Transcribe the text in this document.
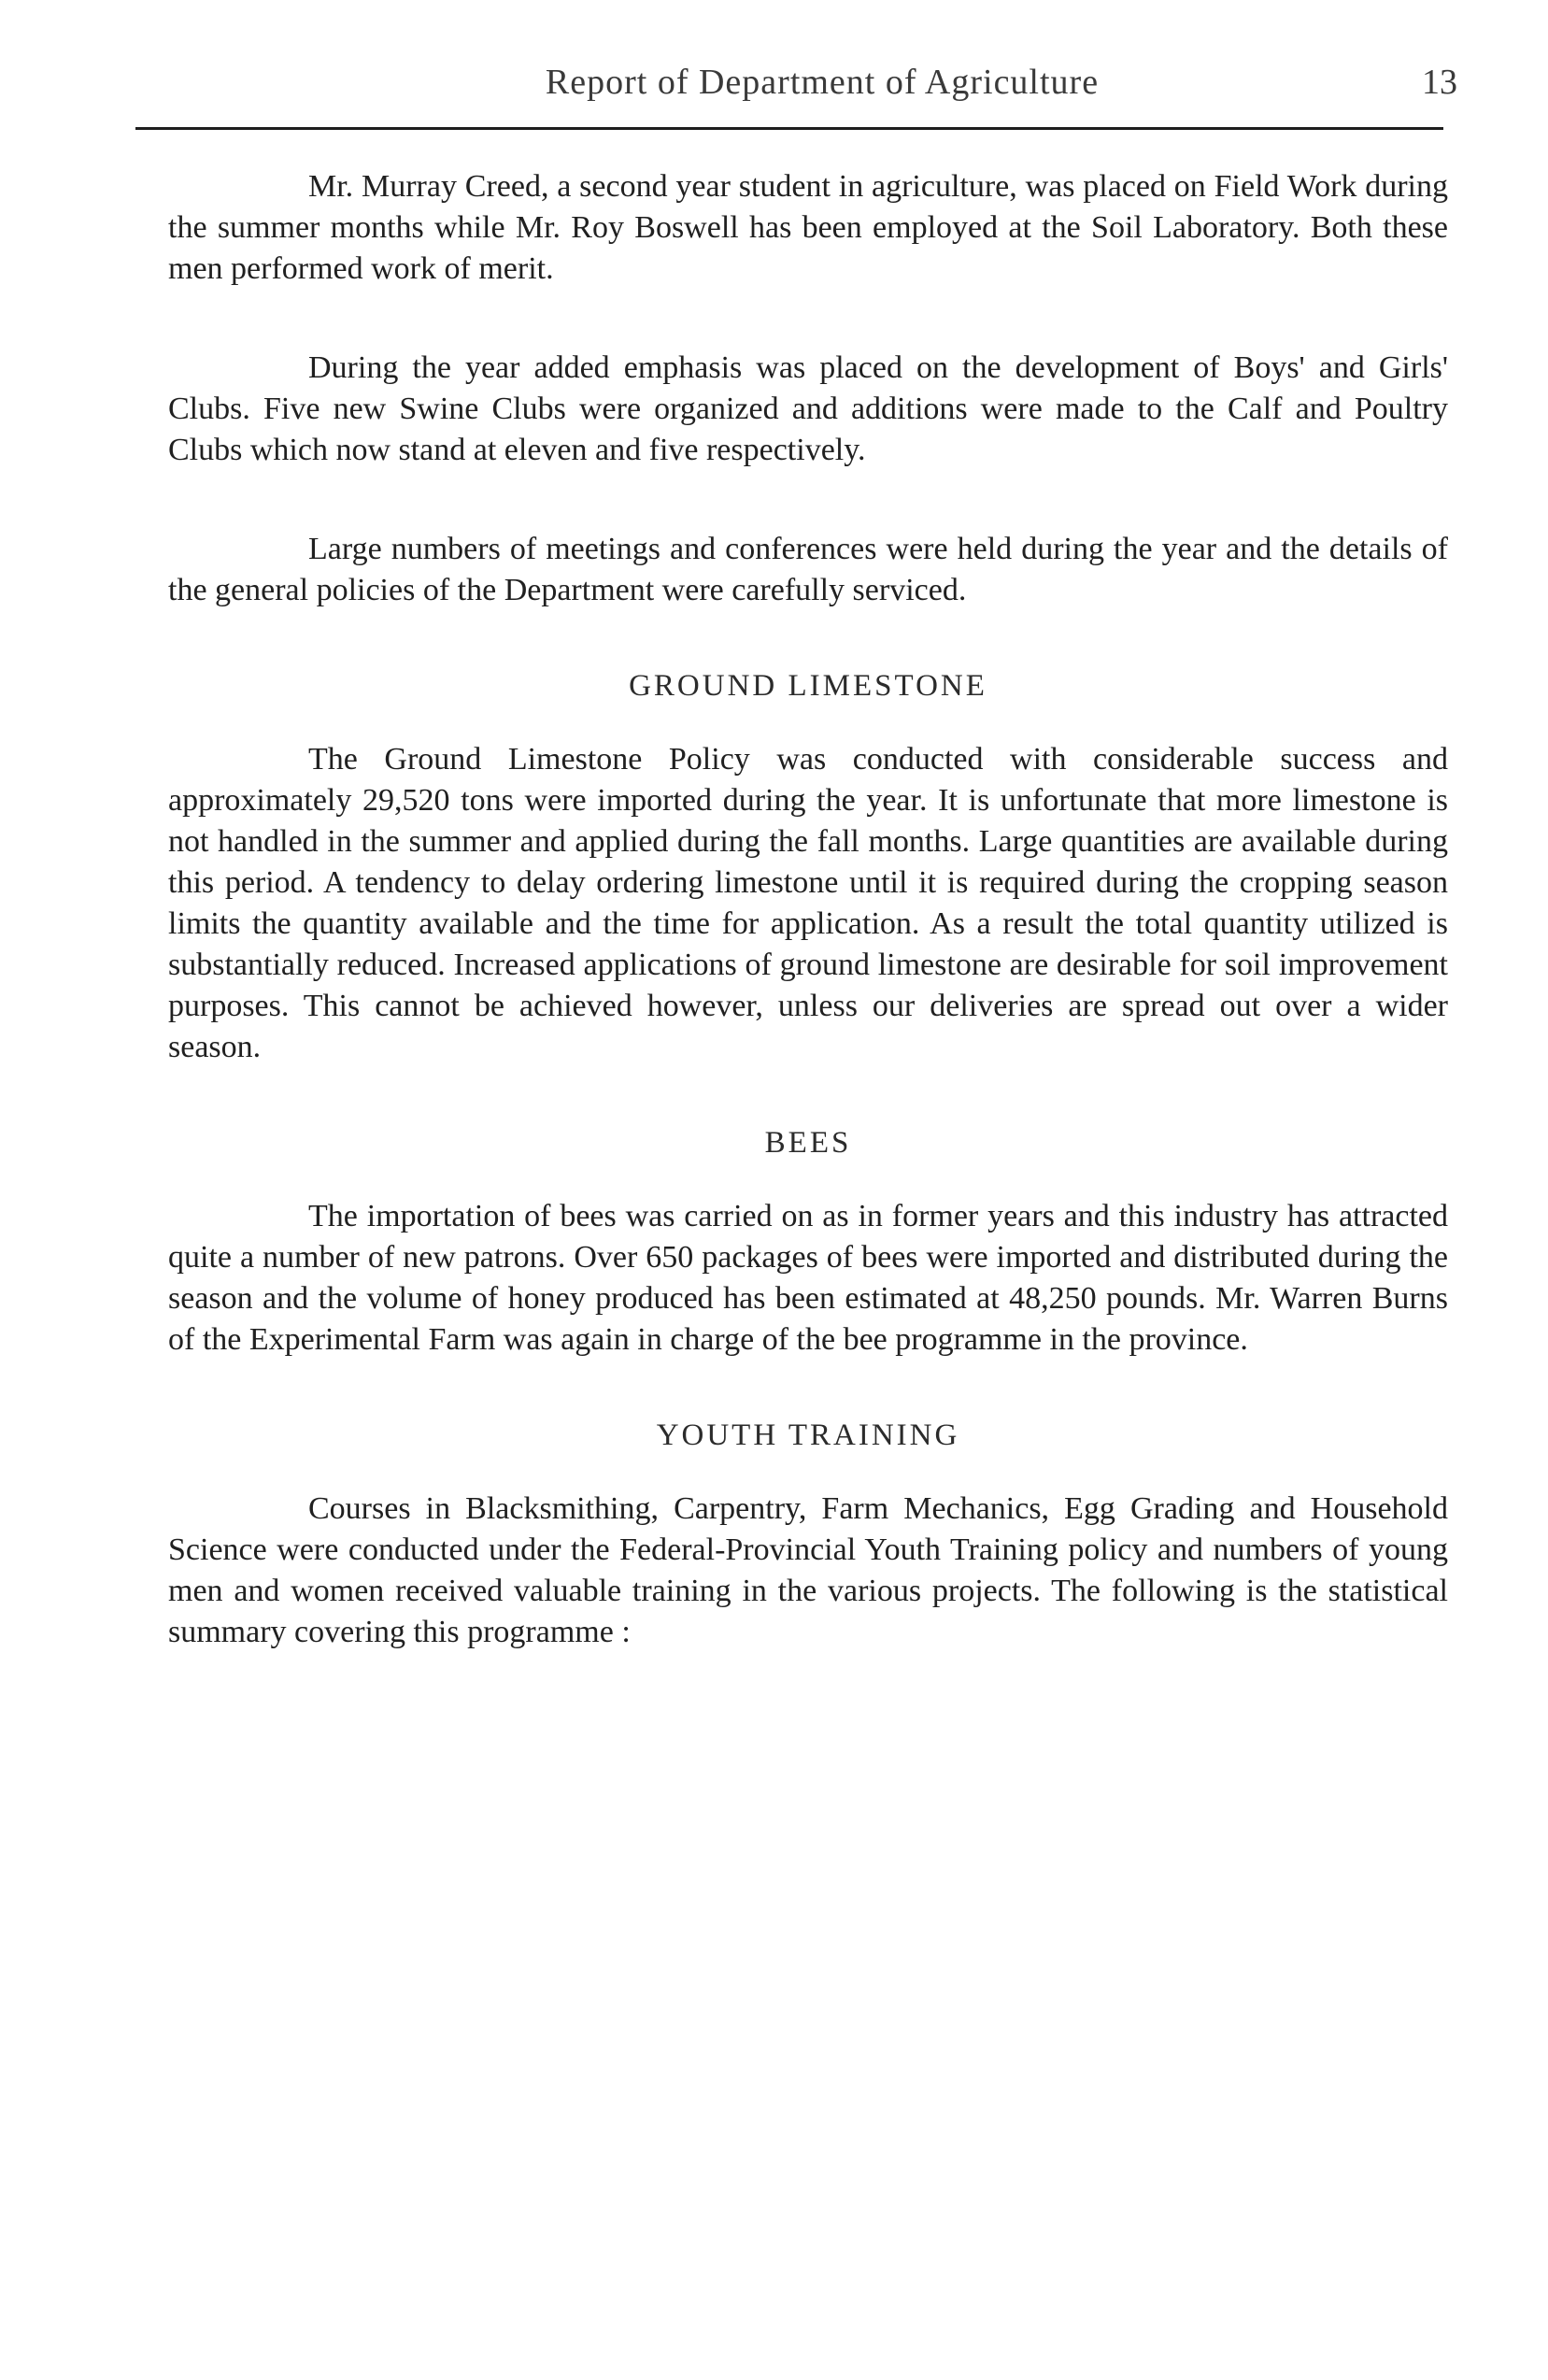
Report of Department of Agriculture	13

Mr. Murray Creed, a second year student in agriculture, was placed on Field Work during the summer months while Mr. Roy Boswell has been employed at the Soil Laboratory. Both these men performed work of merit.

During the year added emphasis was placed on the development of Boys' and Girls' Clubs. Five new Swine Clubs were organized and additions were made to the Calf and Poultry Clubs which now stand at eleven and five respectively.

Large numbers of meetings and conferences were held during the year and the details of the general policies of the Department were carefully serviced.

GROUND LIMESTONE

The Ground Limestone Policy was conducted with considerable success and approximately 29,520 tons were imported during the year. It is unfortunate that more limestone is not handled in the summer and applied during the fall months. Large quantities are available during this period. A tendency to delay ordering limestone until it is required during the cropping season limits the quantity available and the time for application. As a result the total quantity utilized is substantially reduced. Increased applications of ground limestone are desirable for soil improvement purposes. This cannot be achieved however, unless our deliveries are spread out over a wider season.

BEES

The importation of bees was carried on as in former years and this industry has attracted quite a number of new patrons. Over 650 packages of bees were imported and distributed during the season and the volume of honey produced has been estimated at 48,250 pounds. Mr. Warren Burns of the Experimental Farm was again in charge of the bee programme in the province.

YOUTH TRAINING

Courses in Blacksmithing, Carpentry, Farm Mechanics, Egg Grading and Household Science were conducted under the Federal-Provincial Youth Training policy and numbers of young men and women received valuable training in the various projects. The following is the statistical summary covering this programme :
